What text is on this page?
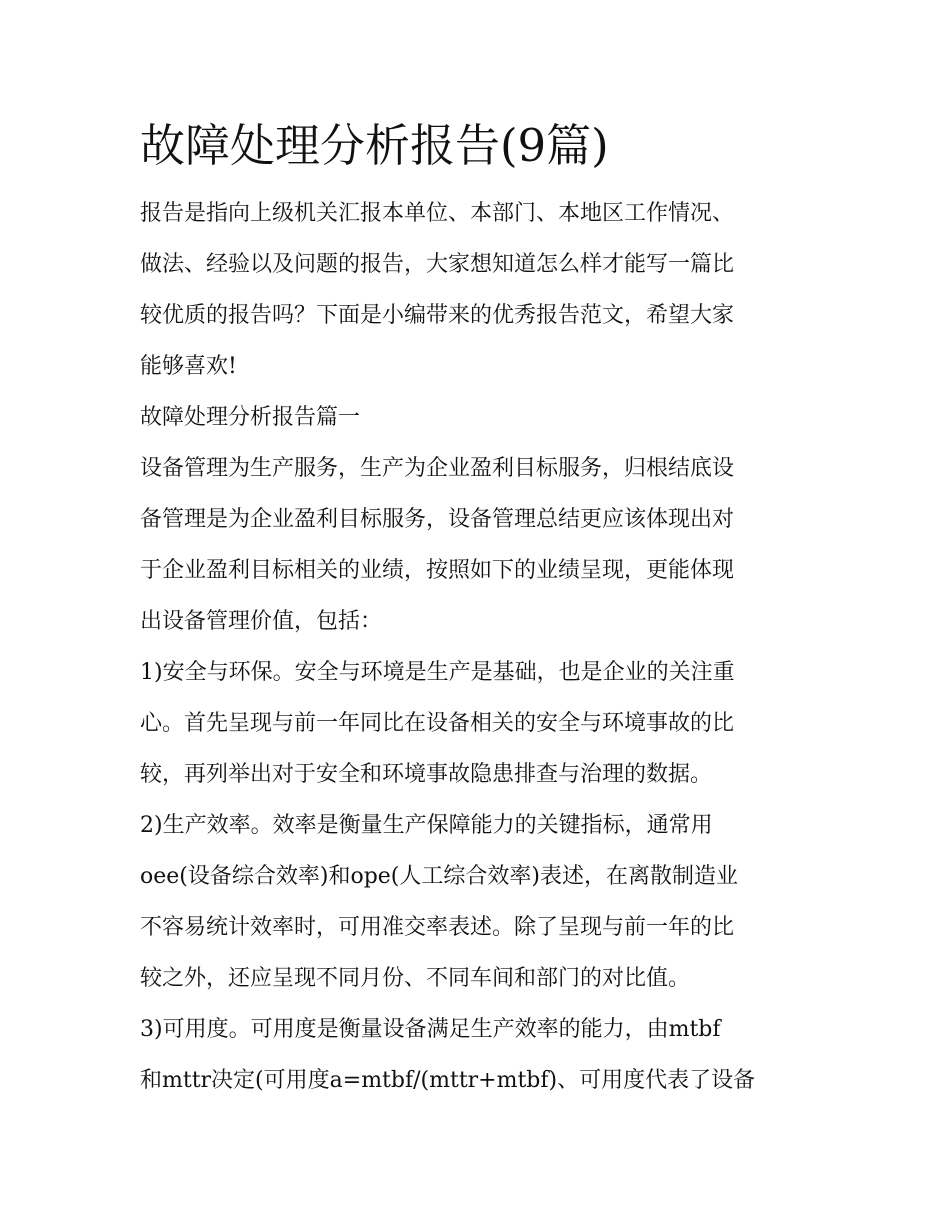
故障处理分析报告(9篇)

报告是指向上级机关汇报本单位、本部门、本地区工作情况、

做法、经验以及问题的报告，大家想知道怎么样才能写一篇比

较优质的报告吗？下面是小编带来的优秀报告范文，希望大家

能够喜欢!

故障处理分析报告篇一

设备管理为生产服务，生产为企业盈利目标服务，归根结底设

备管理是为企业盈利目标服务，设备管理总结更应该体现出对

于企业盈利目标相关的业绩，按照如下的业绩呈现，更能体现

出设备管理价值，包括：

1)安全与环保。安全与环境是生产是基础，也是企业的关注重

心。首先呈现与前一年同比在设备相关的安全与环境事故的比

较，再列举出对于安全和环境事故隐患排查与治理的数据。

2)生产效率。效率是衡量生产保障能力的关键指标，通常用

oee(设备综合效率)和ope(人工综合效率)表述，在离散制造业

不容易统计效率时，可用准交率表述。除了呈现与前一年的比

较之外，还应呈现不同月份、不同车间和部门的对比值。

3)可用度。可用度是衡量设备满足生产效率的能力，由mtbf

和mttr决定(可用度a=mtbf/(mttr+mtbf)、可用度代表了设备
